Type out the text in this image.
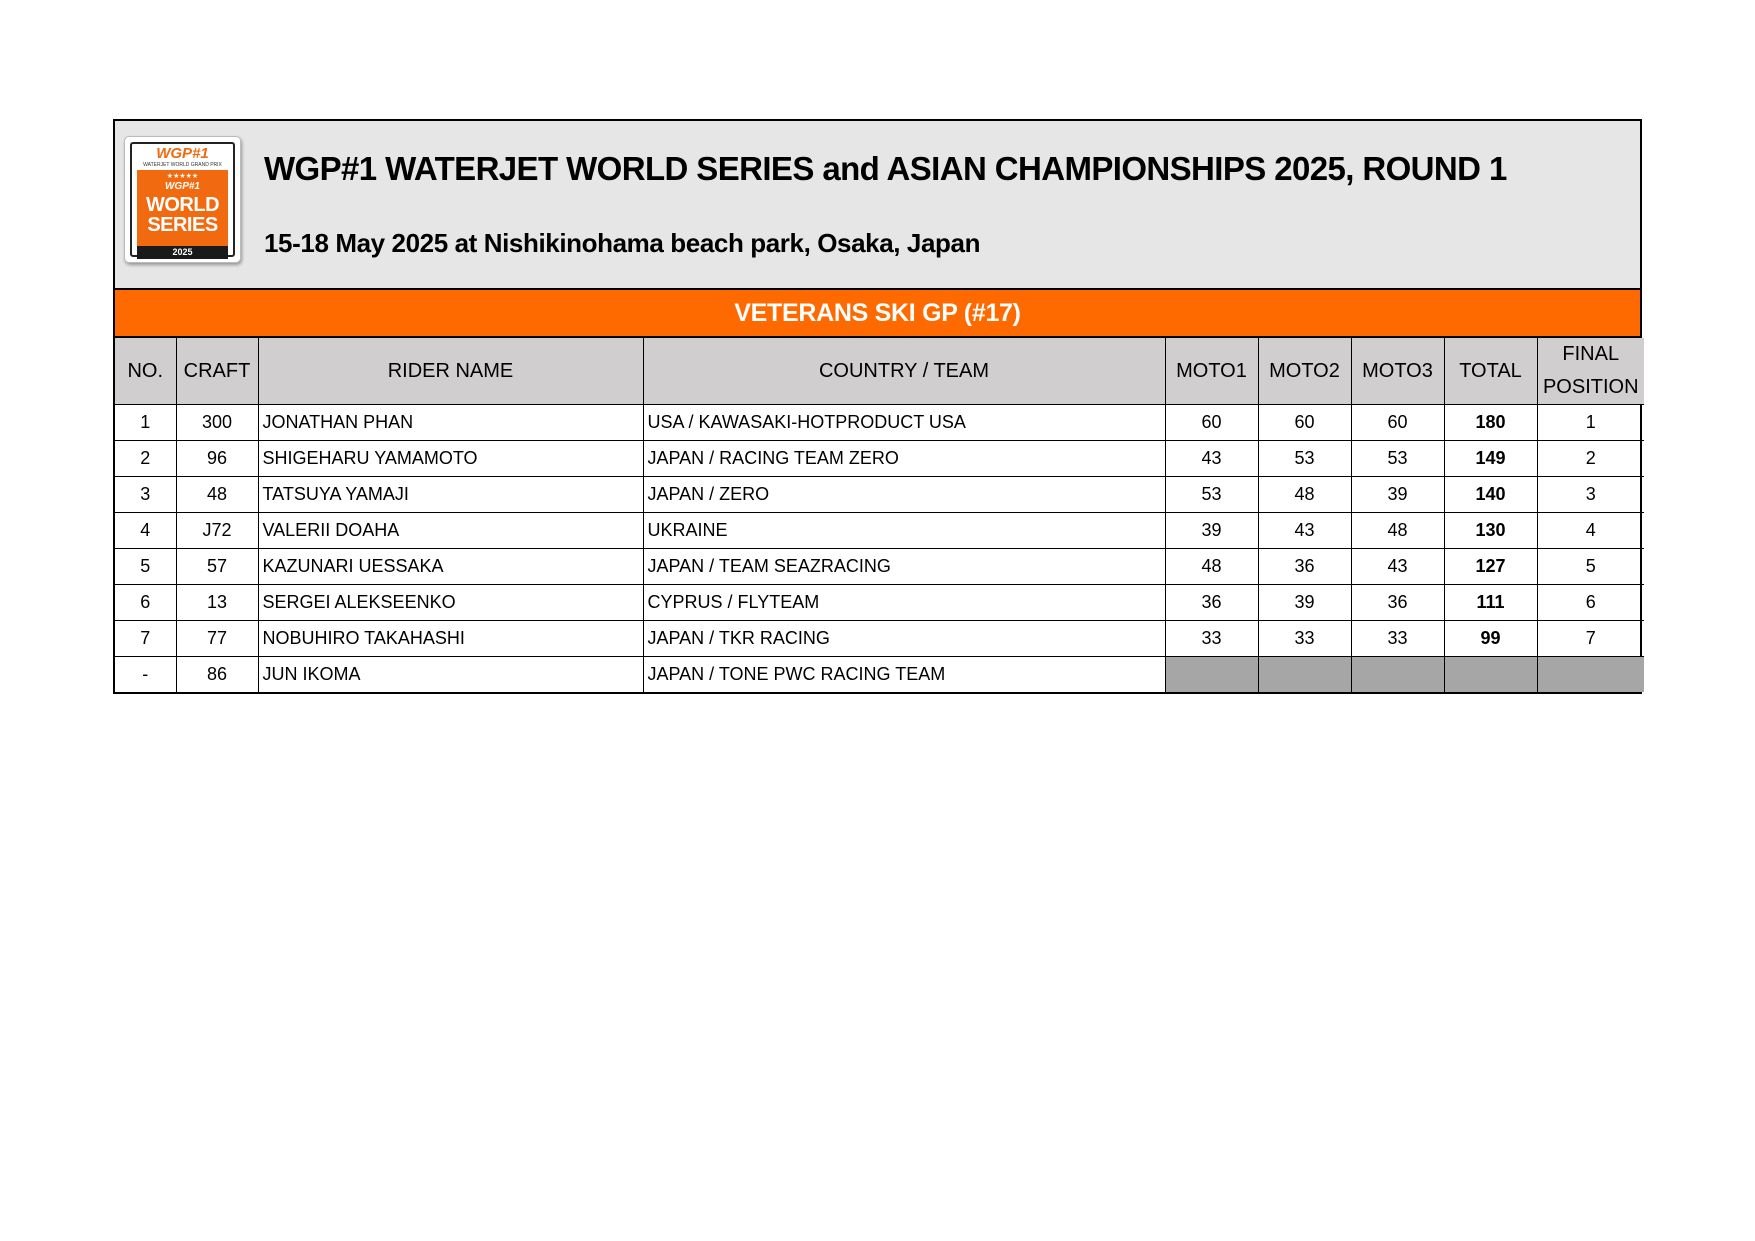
WGP#1
WATERJET WORLD GRAND PRIX
★★★★★
WGP#1
WORLD
SERIES
2025
WGP#1 WATERJET WORLD SERIES and ASIAN CHAMPIONSHIPS 2025, ROUND 1
15-18 May 2025 at Nishikinohama beach park, Osaka, Japan
VETERANS SKI GP (#17)
NO.	CRAFT	RIDER NAME	COUNTRY / TEAM	MOTO1	MOTO2	MOTO3	TOTAL	FINAL
POSITION

1	300	JONATHAN PHAN	USA / KAWASAKI-HOTPRODUCT USA	60	60	60	180	1
2	96	SHIGEHARU YAMAMOTO	JAPAN / RACING TEAM ZERO	43	53	53	149	2
3	48	TATSUYA YAMAJI	JAPAN / ZERO	53	48	39	140	3
4	J72	VALERII DOAHA	UKRAINE	39	43	48	130	4
5	57	KAZUNARI UESSAKA	JAPAN / TEAM SEAZRACING	48	36	43	127	5
6	13	SERGEI ALEKSEENKO	CYPRUS / FLYTEAM	36	39	36	111	6
7	77	NOBUHIRO TAKAHASHI	JAPAN / TKR RACING	33	33	33	99	7
-	86	JUN IKOMA	JAPAN / TONE PWC RACING TEAM					
